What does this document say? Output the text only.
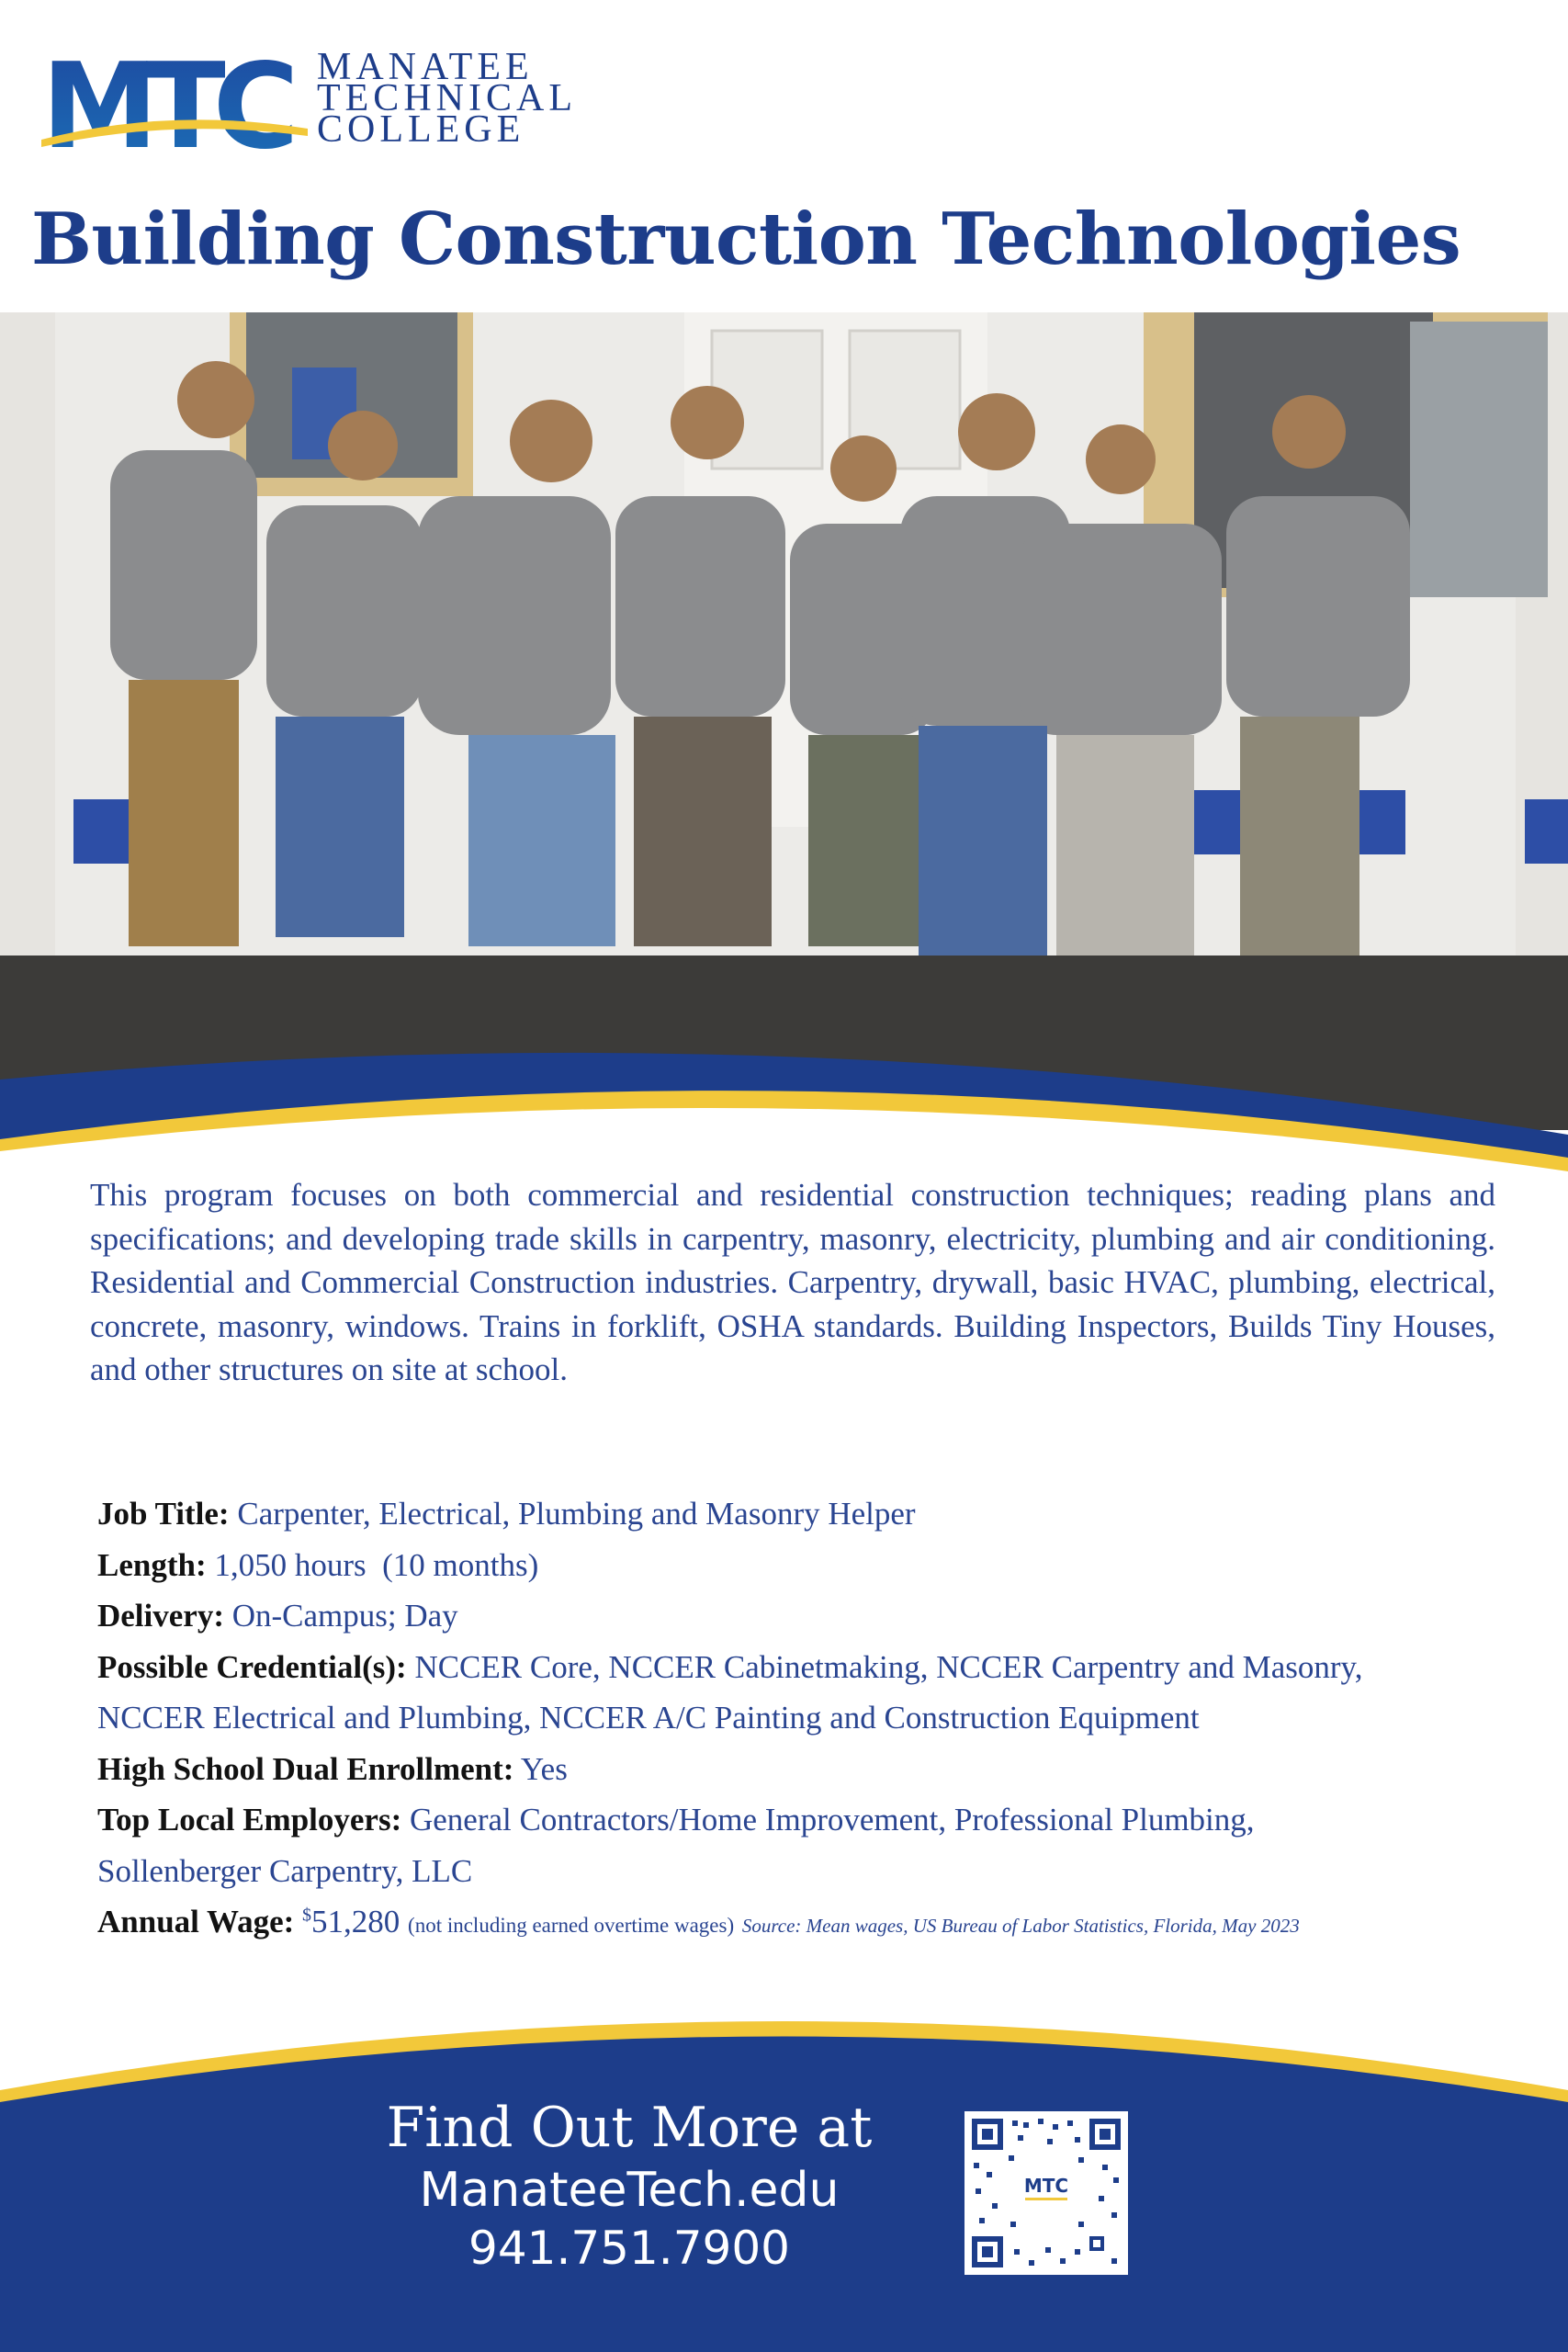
MTC MANATEE
TECHNICAL
COLLEGE
Building Construction Technologies

This program focuses on both commercial and residential construction techniques; reading plans and specifications; and developing trade skills in carpentry, masonry, electricity, plumbing and air conditioning. Residential and Commercial Construction industries. Carpentry, drywall, basic HVAC, plumbing, electrical, concrete, masonry, windows. Trains in forklift, OSHA standards. Building Inspectors, Builds Tiny Houses, and other structures on site at school.

Job Title: Carpenter, Electrical, Plumbing and Masonry Helper
Length: 1,050 hours  (10 months)
Delivery: On-Campus; Day
Possible Credential(s): NCCER Core, NCCER Cabinetmaking, NCCER Carpentry and Masonry,
NCCER Electrical and Plumbing, NCCER A/C Painting and Construction Equipment
High School Dual Enrollment: Yes
Top Local Employers: General Contractors/Home Improvement, Professional Plumbing,
Sollenberger Carpentry, LLC
Annual Wage: $51,280 (not including earned overtime wages) Source: Mean wages, US Bureau of Labor Statistics, Florida, May 2023
Find Out More at
ManateeTech.edu
941.751.7900
MTC
